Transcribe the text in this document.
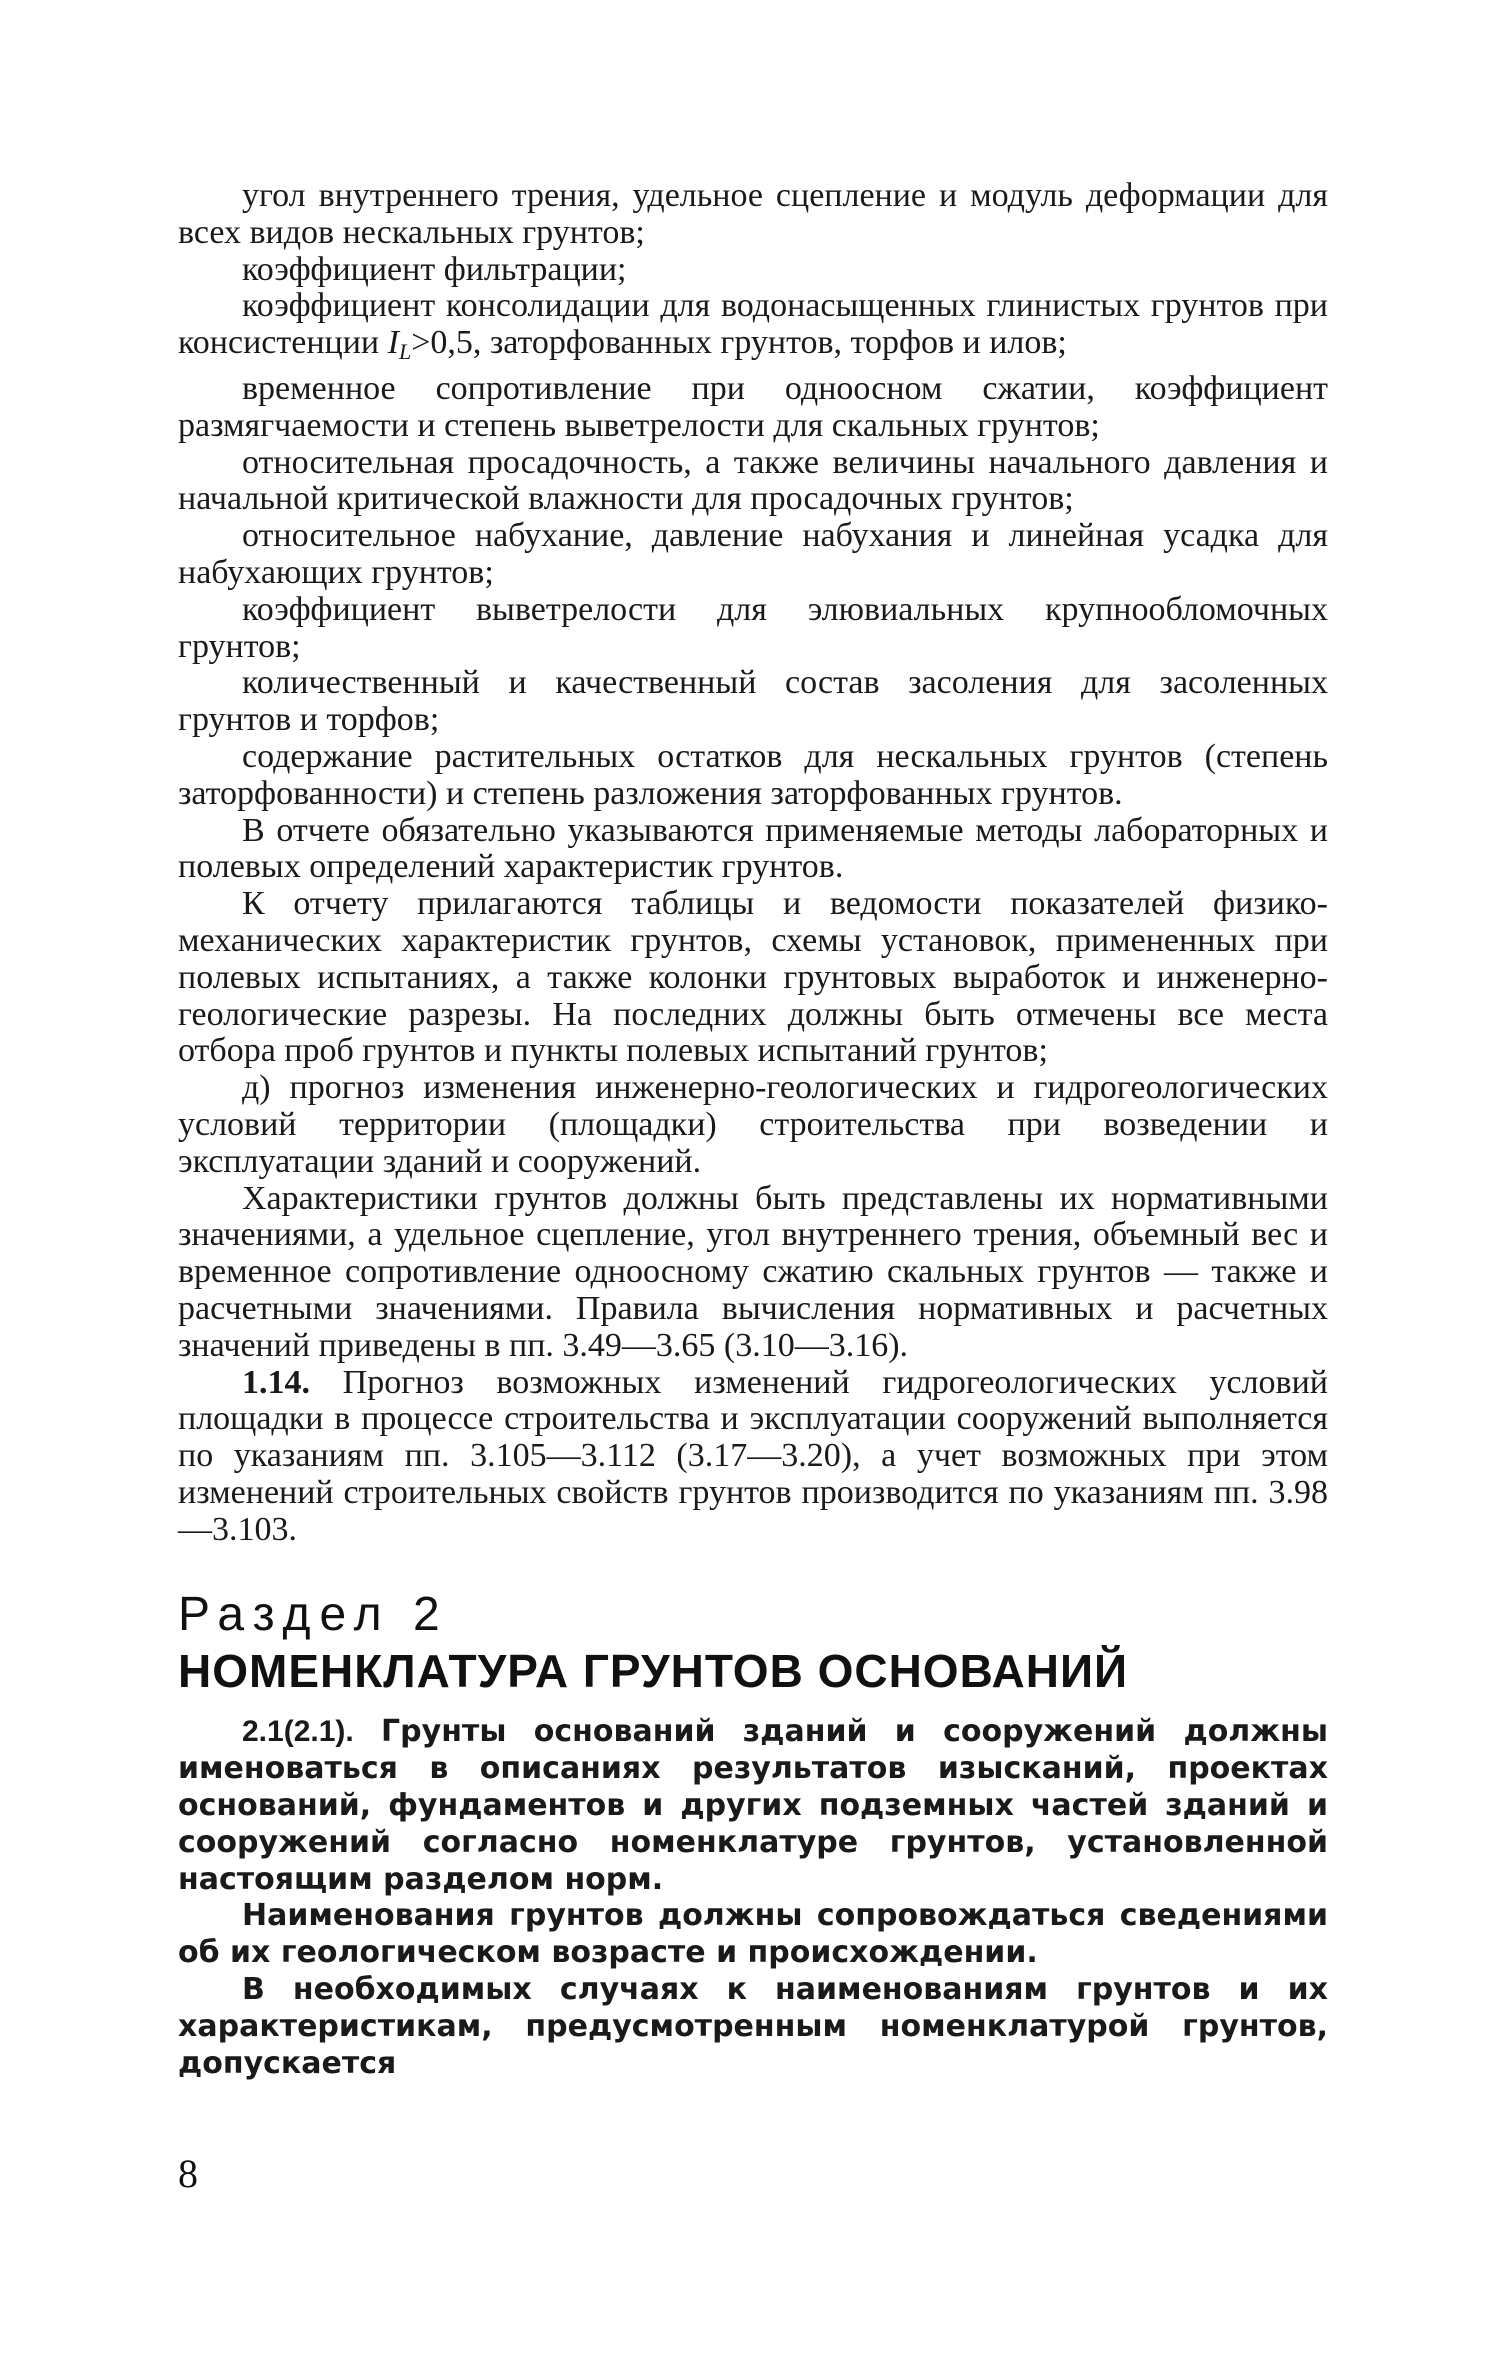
угол внутреннего трения, удельное сцепление и модуль деформации для всех видов нескальных грунтов;

коэффициент фильтрации;

коэффициент консолидации для водонасыщенных глинистых грунтов при консистенции $I_L>0,5$, заторфованных грунтов, торфов и илов;

временное сопротивление при одноосном сжатии, коэффициент размягчаемости и степень выветрелости для скальных грунтов;

относительная просадочность, а также величины начального давления и начальной критической влажности для просадочных грунтов;

относительное набухание, давление набухания и линейная усадка для набухающих грунтов;

коэффициент выветрелости для элювиальных крупнообломочных грунтов;

количественный и качественный состав засоления для засоленных грунтов и торфов;

содержание растительных остатков для нескальных грунтов (степень заторфованности) и степень разложения заторфованных грунтов.

В отчете обязательно указываются применяемые методы лабораторных и полевых определений характеристик грунтов.

К отчету прилагаются таблицы и ведомости показателей физико-механических характеристик грунтов, схемы установок, примененных при полевых испытаниях, а также колонки грунтовых выработок и инженерно-геологические разрезы. На последних должны быть отмечены все места отбора проб грунтов и пункты полевых испытаний грунтов;

д) прогноз изменения инженерно-геологических и гидрогеологических условий территории (площадки) строительства при возведении и эксплуатации зданий и сооружений.

Характеристики грунтов должны быть представлены их нормативными значениями, а удельное сцепление, угол внутреннего трения, объемный вес и временное сопротивление одноосному сжатию скальных грунтов — также и расчетными значениями. Правила вычисления нормативных и расчетных значений приведены в пп. 3.49—3.65 (3.10—3.16).

1.14. Прогноз возможных изменений гидрогеологических условий площадки в процессе строительства и эксплуатации сооружений выполняется по указаниям пп. 3.105—3.112 (3.17—3.20), а учет возможных при этом изменений строительных свойств грунтов производится по указаниям пп. 3.98—3.103.

Раздел 2
НОМЕНКЛАТУРА ГРУНТОВ ОСНОВАНИЙ

2.1(2.1). Грунты оснований зданий и сооружений должны именоваться в описаниях результатов изысканий, проектах оснований, фундаментов и других подземных частей зданий и сооружений согласно номенклатуре грунтов, установленной настоящим разделом норм.

Наименования грунтов должны сопровождаться сведениями об их геологическом возрасте и происхождении.

В необходимых случаях к наименованиям грунтов и их характеристикам, предусмотренным номенклатурой грунтов, допускается

8
